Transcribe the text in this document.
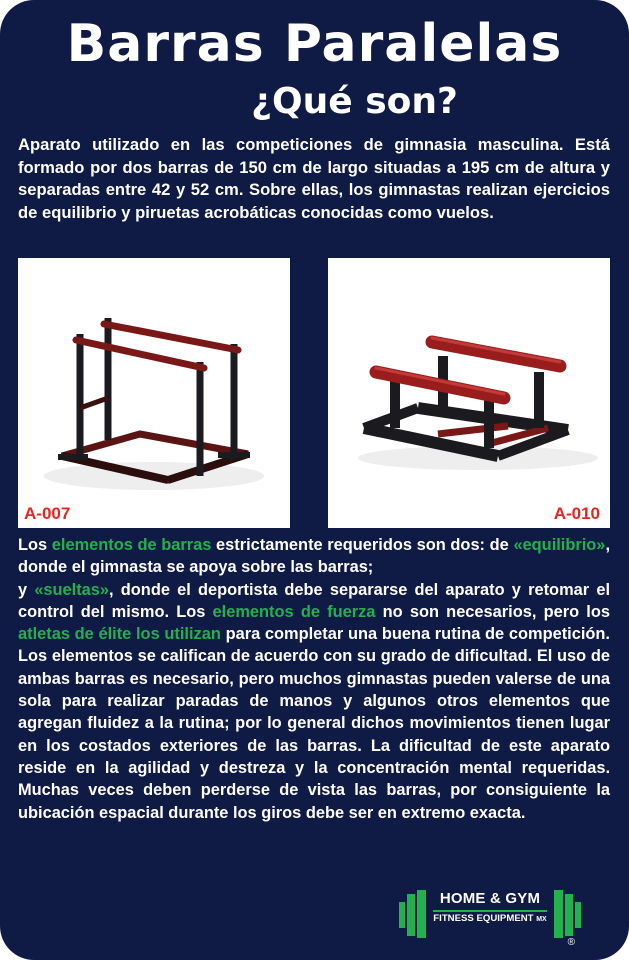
Barras Paralelas
¿Qué son?
Aparato utilizado en las competiciones de gimnasia masculina. Está formado por dos barras de 150 cm de largo situadas a 195 cm de altura y separadas entre 42 y 52 cm. Sobre ellas, los gimnastas realizan ejercicios de equilibrio y piruetas acrobáticas conocidas como vuelos.
A-007	A-010
Los elementos de barras estrictamente requeridos son dos: de «equilibrio», donde el gimnasta se apoya sobre las barras;
y «sueltas», donde el deportista debe separarse del aparato y retomar el control del mismo. Los elementos de fuerza no son necesarios, pero los atletas de élite los utilizan para completar una buena rutina de competición. Los elementos se califican de acuerdo con su grado de dificultad. El uso de ambas barras es necesario, pero muchos gimnastas pueden valerse de una sola para realizar paradas de manos y algunos otros elementos que agregan fluidez a la rutina; por lo general dichos movimientos tienen lugar en los costados exteriores de las barras. La dificultad de este aparato reside en la agilidad y destreza y la concentración mental requeridas. Muchas veces deben perderse de vista las barras, por consiguiente la ubicación espacial durante los giros debe ser en extremo exacta.
HOME & GYM
FITNESS EQUIPMENT MX
®
